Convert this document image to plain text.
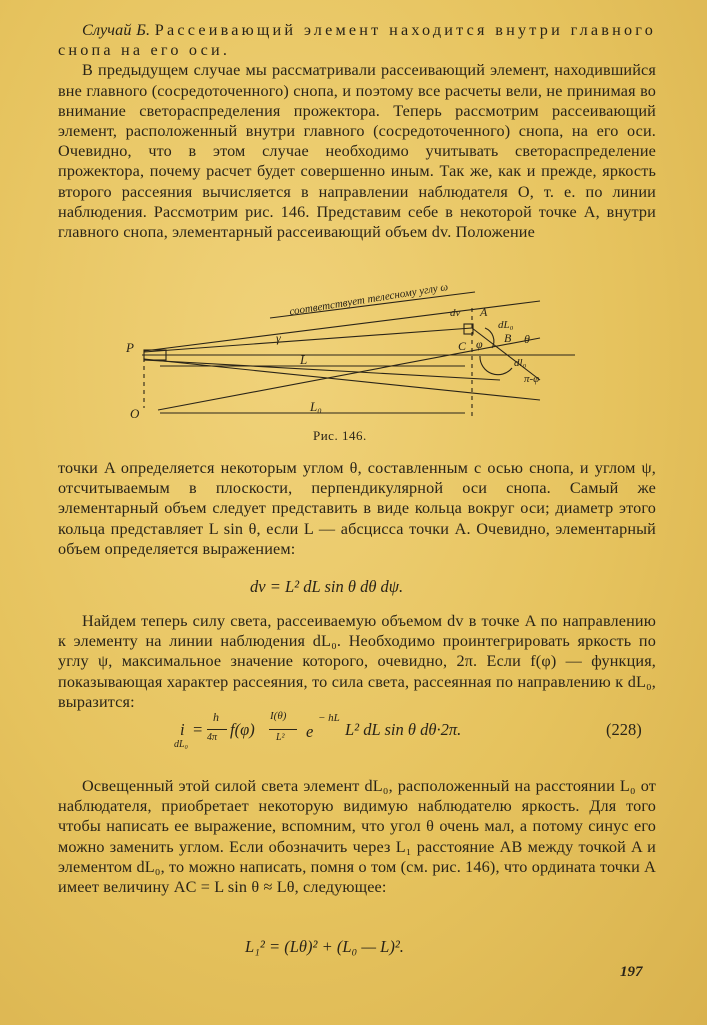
Случай Б. Рассеивающий элемент находится внутри главного снопа на его оси.

В предыдущем случае мы рассматривали рассеивающий элемент, находившийся вне главного (сосредоточенного) снопа, и поэтому все расчеты вели, не принимая во внимание светораспределения прожектора. Теперь рассмотрим рассеивающий элемент, расположенный внутри главного (сосредоточенного) снопа, на его оси. Очевидно, что в этом случае необходимо учитывать светораспределение прожектора, почему расчет будет совершенно иным. Так же, как и прежде, яркость второго рассеяния вычисляется в направлении наблюдателя O, т. е. по линии наблюдения. Рассмотрим рис. 146. Представим себе в некоторой точке A, внутри главного снопа, элементарный рассеивающий объем dv. Положение

соответствует телесному углу ω
P
O
L
L₀
γ
dv A
dL₀
C φ	θ
B
dl₀
π-φ
Рис. 146.

точки A определяется некоторым углом θ, составленным с осью снопа, и углом ψ, отсчитываемым в плоскости, перпендикулярной оси снопа. Самый же элементарный объем следует представить в виде кольца вокруг оси; диаметр этого кольца представляет L sin θ, если L — абсцисса точки A. Очевидно, элементарный объем определяется выражением:

dv = L² dL sin θ dθ dψ.

Найдем теперь силу света, рассеиваемую объемом dv в точке A по направлению к элементу на линии наблюдения dL₀. Необходимо проинтегрировать яркость по углу ψ, максимальное значение которого, очевидно, 2π. Если f(φ) — функция, показывающая характер рассеяния, то сила света, рассеянная по направлению к dL₀, выразится:

i
dL₀
=
h
4π f(φ)
I(θ)
L² e
− hL
L² dL sin θ dθ·2π.	(228)

Освещенный этой силой света элемент dL₀, расположенный на расстоянии L₀ от наблюдателя, приобретает некоторую видимую наблюдателю яркость. Для того чтобы написать ее выражение, вспомним, что угол θ очень мал, а потому синус его можно заменить углом. Если обозначить через L₁ расстояние AB между точкой A и элементом dL₀, то можно написать, помня о том (см. рис. 146), что ордината точки A имеет величину AC = L sin θ ≈ Lθ, следующее:

L₁² = (Lθ)² + (L₀ — L)².
197
